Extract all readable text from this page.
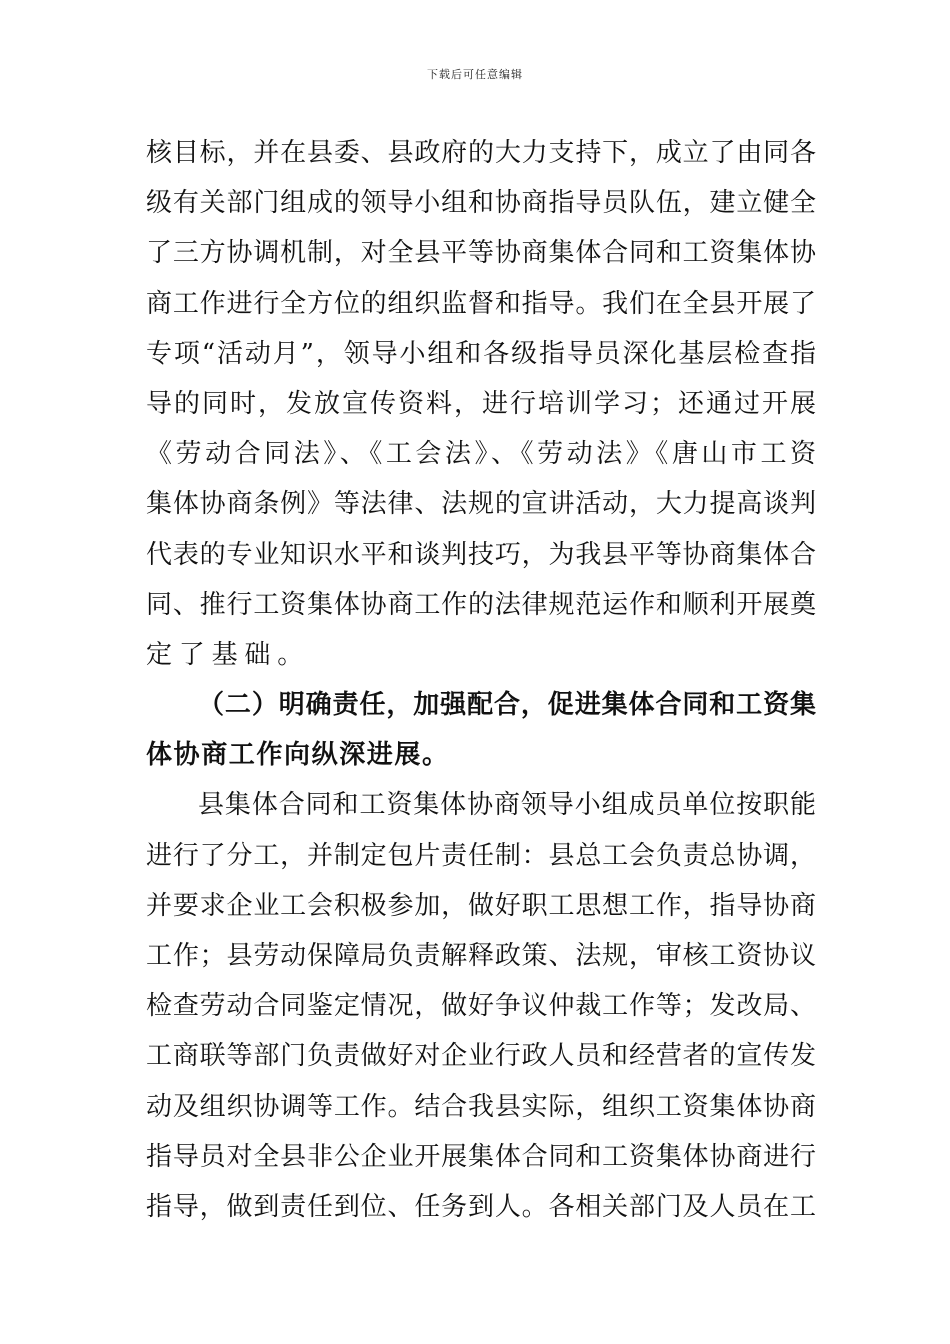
下载后可任意编辑
核目标，并在县委、县政府的大力支持下，成立了由同各
级有关部门组成的领导小组和协商指导员队伍，建立健全
了三方协调机制，对全县平等协商集体合同和工资集体协
商工作进行全方位的组织监督和指导。我们在全县开展了
专项“活动月”，领导小组和各级指导员深化基层检查指
导的同时，发放宣传资料，进行培训学习；还通过开展
《劳动合同法》、《工会法》、《劳动法》《唐山市工资
集体协商条例》等法律、法规的宣讲活动，大力提高谈判
代表的专业知识水平和谈判技巧，为我县平等协商集体合
同、推行工资集体协商工作的法律规范运作和顺利开展奠
定了基础。
（二）明确责任，加强配合，促进集体合同和工资集
体协商工作向纵深进展。
县集体合同和工资集体协商领导小组成员单位按职能
进行了分工，并制定包片责任制：县总工会负责总协调，
并要求企业工会积极参加，做好职工思想工作，指导协商
工作；县劳动保障局负责解释政策、法规，审核工资协议
检查劳动合同鉴定情况，做好争议仲裁工作等；发改局、
工商联等部门负责做好对企业行政人员和经营者的宣传发
动及组织协调等工作。结合我县实际，组织工资集体协商
指导员对全县非公企业开展集体合同和工资集体协商进行
指导，做到责任到位、任务到人。各相关部门及人员在工
